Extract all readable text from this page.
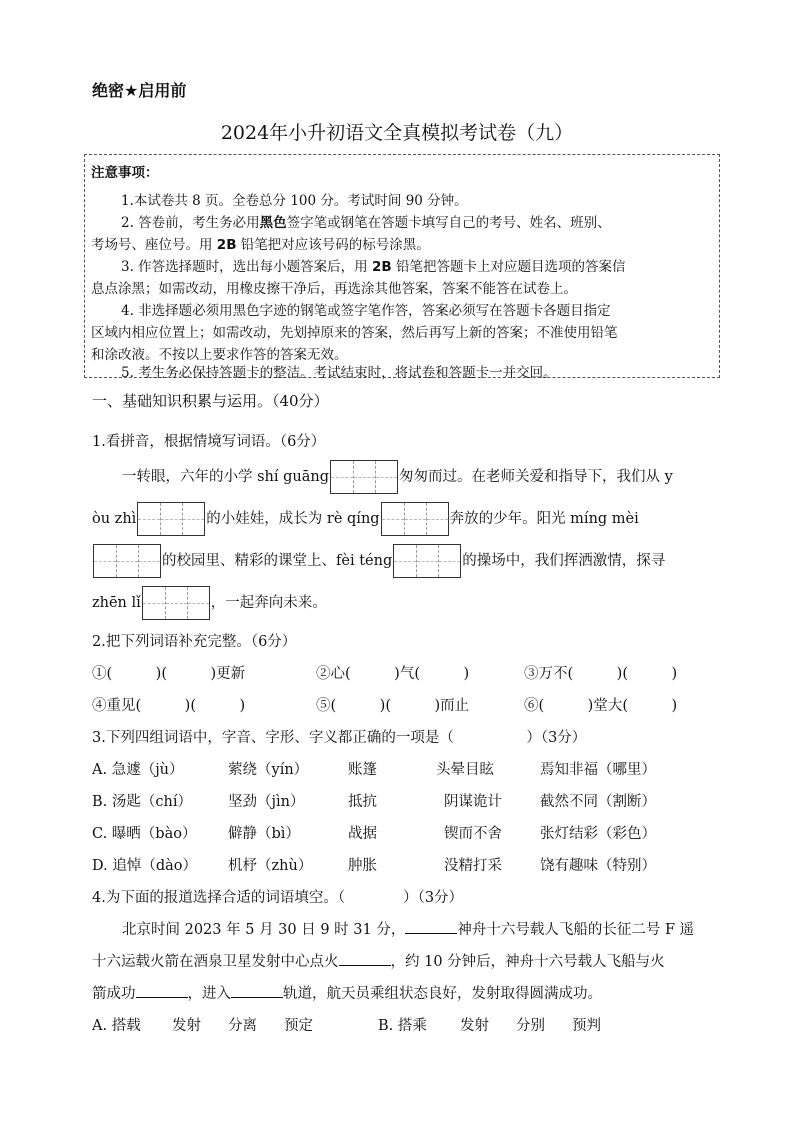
绝密★启用前
2024年小升初语文全真模拟考试卷（九）
注意事项：
1.本试卷共 8 页。全卷总分 100 分。考试时间 90 分钟。
2. 答卷前，考生务必用黑色签字笔或钢笔在答题卡填写自己的考号、姓名、班别、
考场号、座位号。用 2B 铅笔把对应该号码的标号涂黑。
3. 作答选择题时，选出每小题答案后，用 2B 铅笔把答题卡上对应题目选项的答案信
息点涂黑；如需改动，用橡皮擦干净后，再选涂其他答案，答案不能答在试卷上。
4. 非选择题必须用黑色字迹的钢笔或签字笔作答，答案必须写在答题卡各题目指定
区域内相应位置上；如需改动，先划掉原来的答案，然后再写上新的答案；不准使用铅笔
和涂改液。不按以上要求作答的答案无效。
5. 考生务必保持答题卡的整洁。考试结束时，将试卷和答题卡一并交回。
一、基础知识积累与运用。（40分）
1.看拼音，根据情境写词语。（6分）
一转眼，六年的小学 shí guāng	匆匆而过。在老师关爱和指导下，我们从 y
òu zhì	的小娃娃，成长为 rè qíng	奔放的少年。阳光 míng mèi
的校园里、精彩的课堂上、fèi téng	的操场中，我们挥洒激情，探寻
zhēn lǐ	，一起奔向未来。
2.把下列词语补充完整。（6分）
①(　　　)(　　　)更新	②心(　　　)气(　　　)	③万不(　　　)(　　　)
④重见(　　　)(　　　)	⑤(　　　)(　　　)而止	⑥(　　　)堂大(　　　)
3.下列四组词语中，字音、字形、字义都正确的一项是（　　　　　）（3分）
A. 急遽（jù）	萦绕（yín）	账篷	头晕目眩	焉知非福（哪里）
B. 汤匙（chí） 坚劲（jìn）	抵抗	阴谋诡计	截然不同（割断）
C. 曝晒（bào） 僻静（bì）	战据	锲而不舍	张灯结彩（彩色）
D. 追悼（dào） 机杼（zhù） 肿胀	没精打采	饶有趣味（特别）
4.为下面的报道选择合适的词语填空。（　　　　）（3分）
北京时间 2023 年 5 月 30 日 9 时 31 分，	神舟十六号载人飞船的长征二号 F 遥
十六运载火箭在酒泉卫星发射中心点火	，约 10 分钟后，神舟十六号载人飞船与火
箭成功	，进入	轨道，航天员乘组状态良好，发射取得圆满成功。
A. 搭载 发射 分离 预定	B. 搭乘 发射 分别 预判
